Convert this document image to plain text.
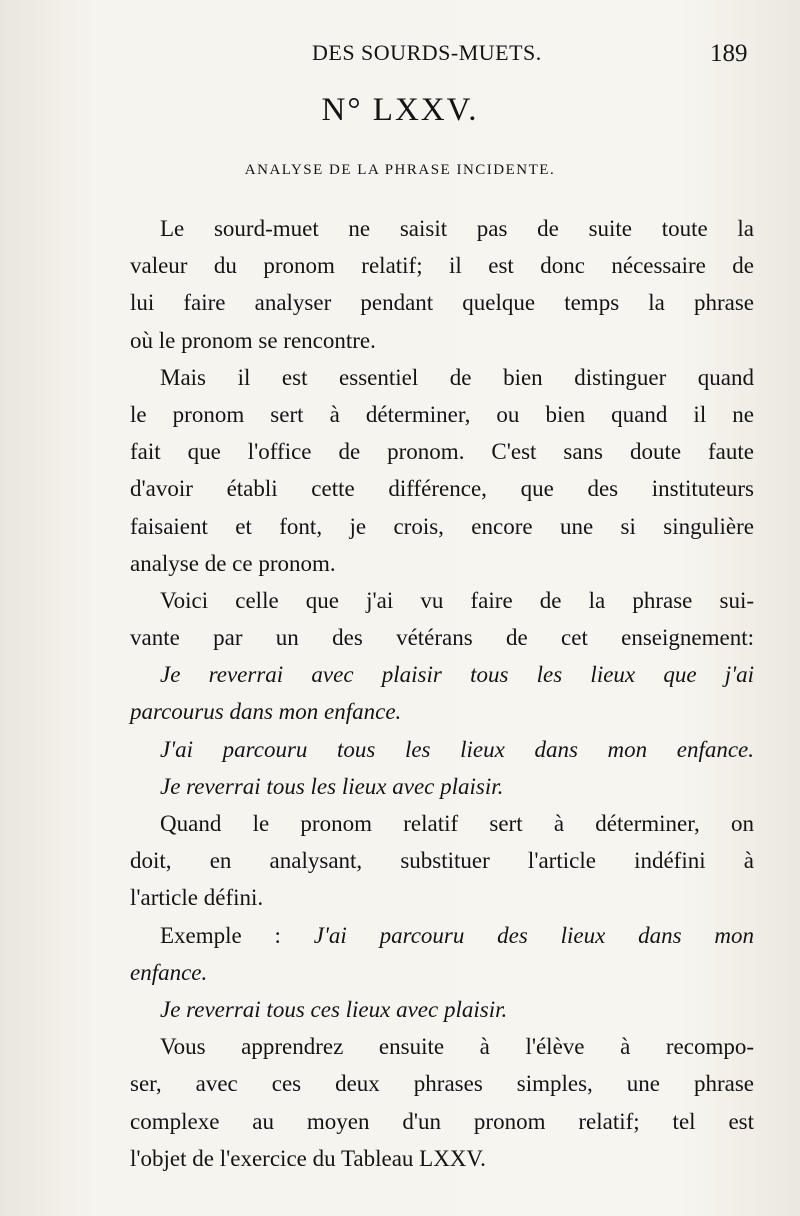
DES SOURDS-MUETS.	189
N° LXXV.
ANALYSE DE LA PHRASE INCIDENTE.
Le sourd-muet ne saisit pas de suite toute la
valeur du pronom relatif; il est donc nécessaire de
lui faire analyser pendant quelque temps la phrase
où le pronom se rencontre.
Mais il est essentiel de bien distinguer quand
le pronom sert à déterminer, ou bien quand il ne
fait que l'office de pronom. C'est sans doute faute
d'avoir établi cette différence, que des instituteurs
faisaient et font, je crois, encore une si singulière
analyse de ce pronom.
Voici celle que j'ai vu faire de la phrase sui-
vante par un des vétérans de cet enseignement:
Je reverrai avec plaisir tous les lieux que j'ai
parcourus dans mon enfance.
J'ai parcouru tous les lieux dans mon enfance.
Je reverrai tous les lieux avec plaisir.
Quand le pronom relatif sert à déterminer, on
doit, en analysant, substituer l'article indéfini à
l'article défini.
Exemple : J'ai parcouru des lieux dans mon
enfance.
Je reverrai tous ces lieux avec plaisir.
Vous apprendrez ensuite à l'élève à recompo-
ser, avec ces deux phrases simples, une phrase
complexe au moyen d'un pronom relatif; tel est
l'objet de l'exercice du Tableau LXXV.
